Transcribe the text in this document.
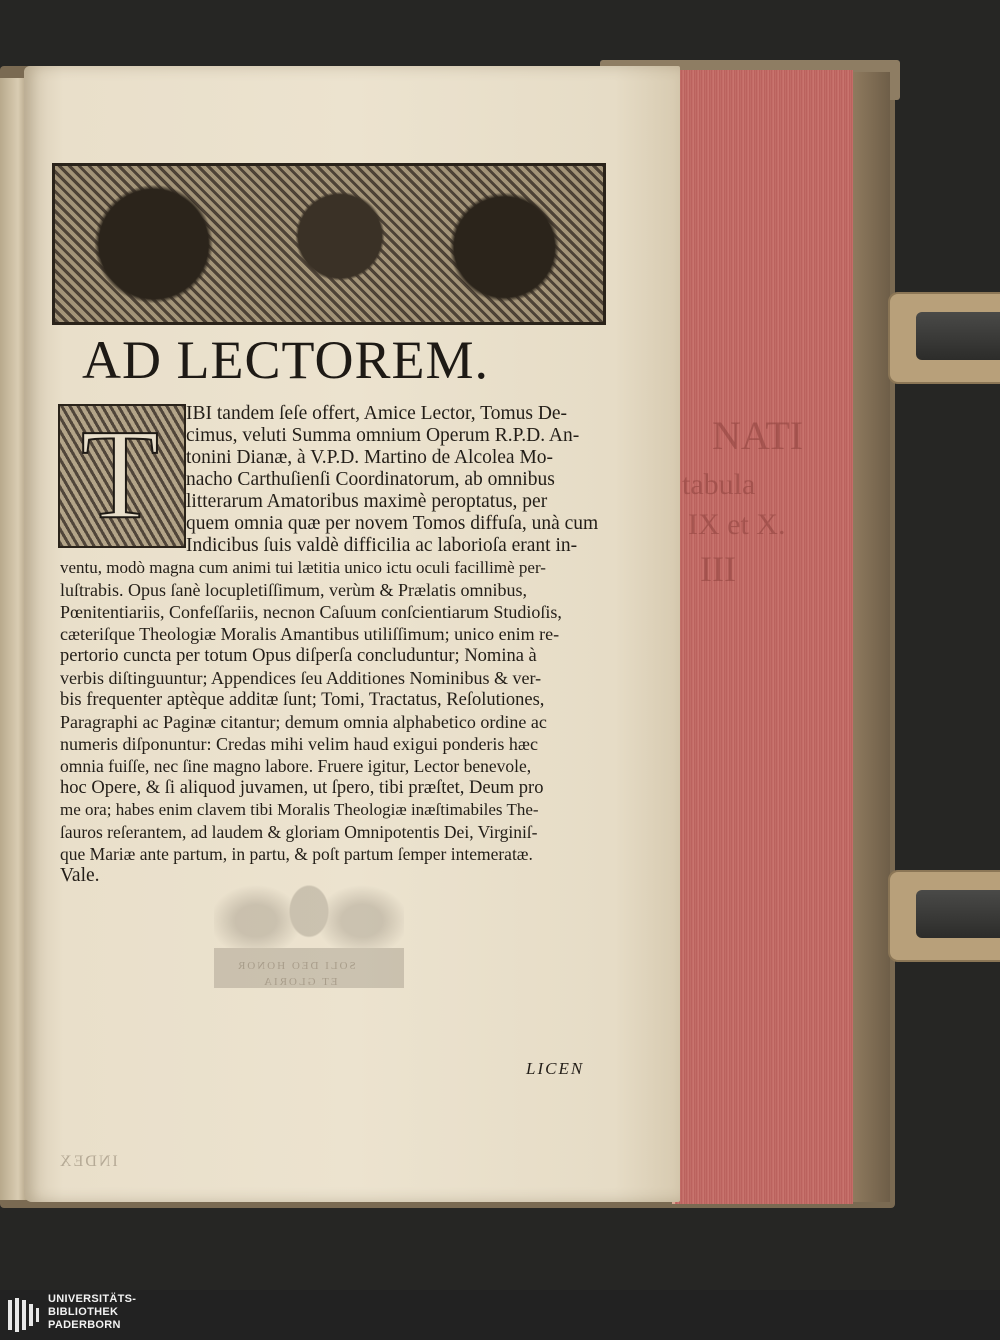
NATI
tabula
IX et X.
III
AD LECTOREM.
T	IBI tandem ſeſe offert, Amice Lector, Tomus De-
cimus, veluti Summa omnium Operum R.P.D. An-
tonini Dianæ, à V.P.D. Martino de Alcolea Mo-
nacho Carthuſienſi Coordinatorum, ab omnibus
litterarum Amatoribus maximè peroptatus, per
quem omnia quæ per novem Tomos diffuſa, unà cum
Indicibus ſuis valdè difficilia ac laborioſa erant in-
ventu, modò magna cum animi tui lætitia unico ictu oculi facillimè per-
luſtrabis. Opus ſanè locupletiſſimum, verùm & Prælatis omnibus,
Pœnitentiariis, Confeſſariis, necnon Caſuum conſcientiarum Studioſis,
cæteriſque Theologiæ Moralis Amantibus utiliſſimum; unico enim re-
pertorio cuncta per totum Opus diſperſa concluduntur; Nomina à
verbis diſtinguuntur; Appendices ſeu Additiones Nominibus & ver-
bis frequenter aptèque additæ ſunt; Tomi, Tractatus, Reſolutiones,
Paragraphi ac Paginæ citantur; demum omnia alphabetico ordine ac
numeris diſponuntur: Credas mihi velim haud exigui ponderis hæc
omnia fuiſſe, nec ſine magno labore. Fruere igitur, Lector benevole,
hoc Opere, & ſi aliquod juvamen, ut ſpero, tibi præſtet, Deum pro
me ora; habes enim clavem tibi Moralis Theologiæ inæſtimabiles The-
ſauros reſerantem, ad laudem & gloriam Omnipotentis Dei, Virginiſ-
que Mariæ ante partum, in partu, & poſt partum ſemper intemeratæ.
Vale.
SOLI DEO HONOR
ET GLORIA
INDEX
LICEN
UNIVERSITÄTS-
BIBLIOTHEK
PADERBORN
